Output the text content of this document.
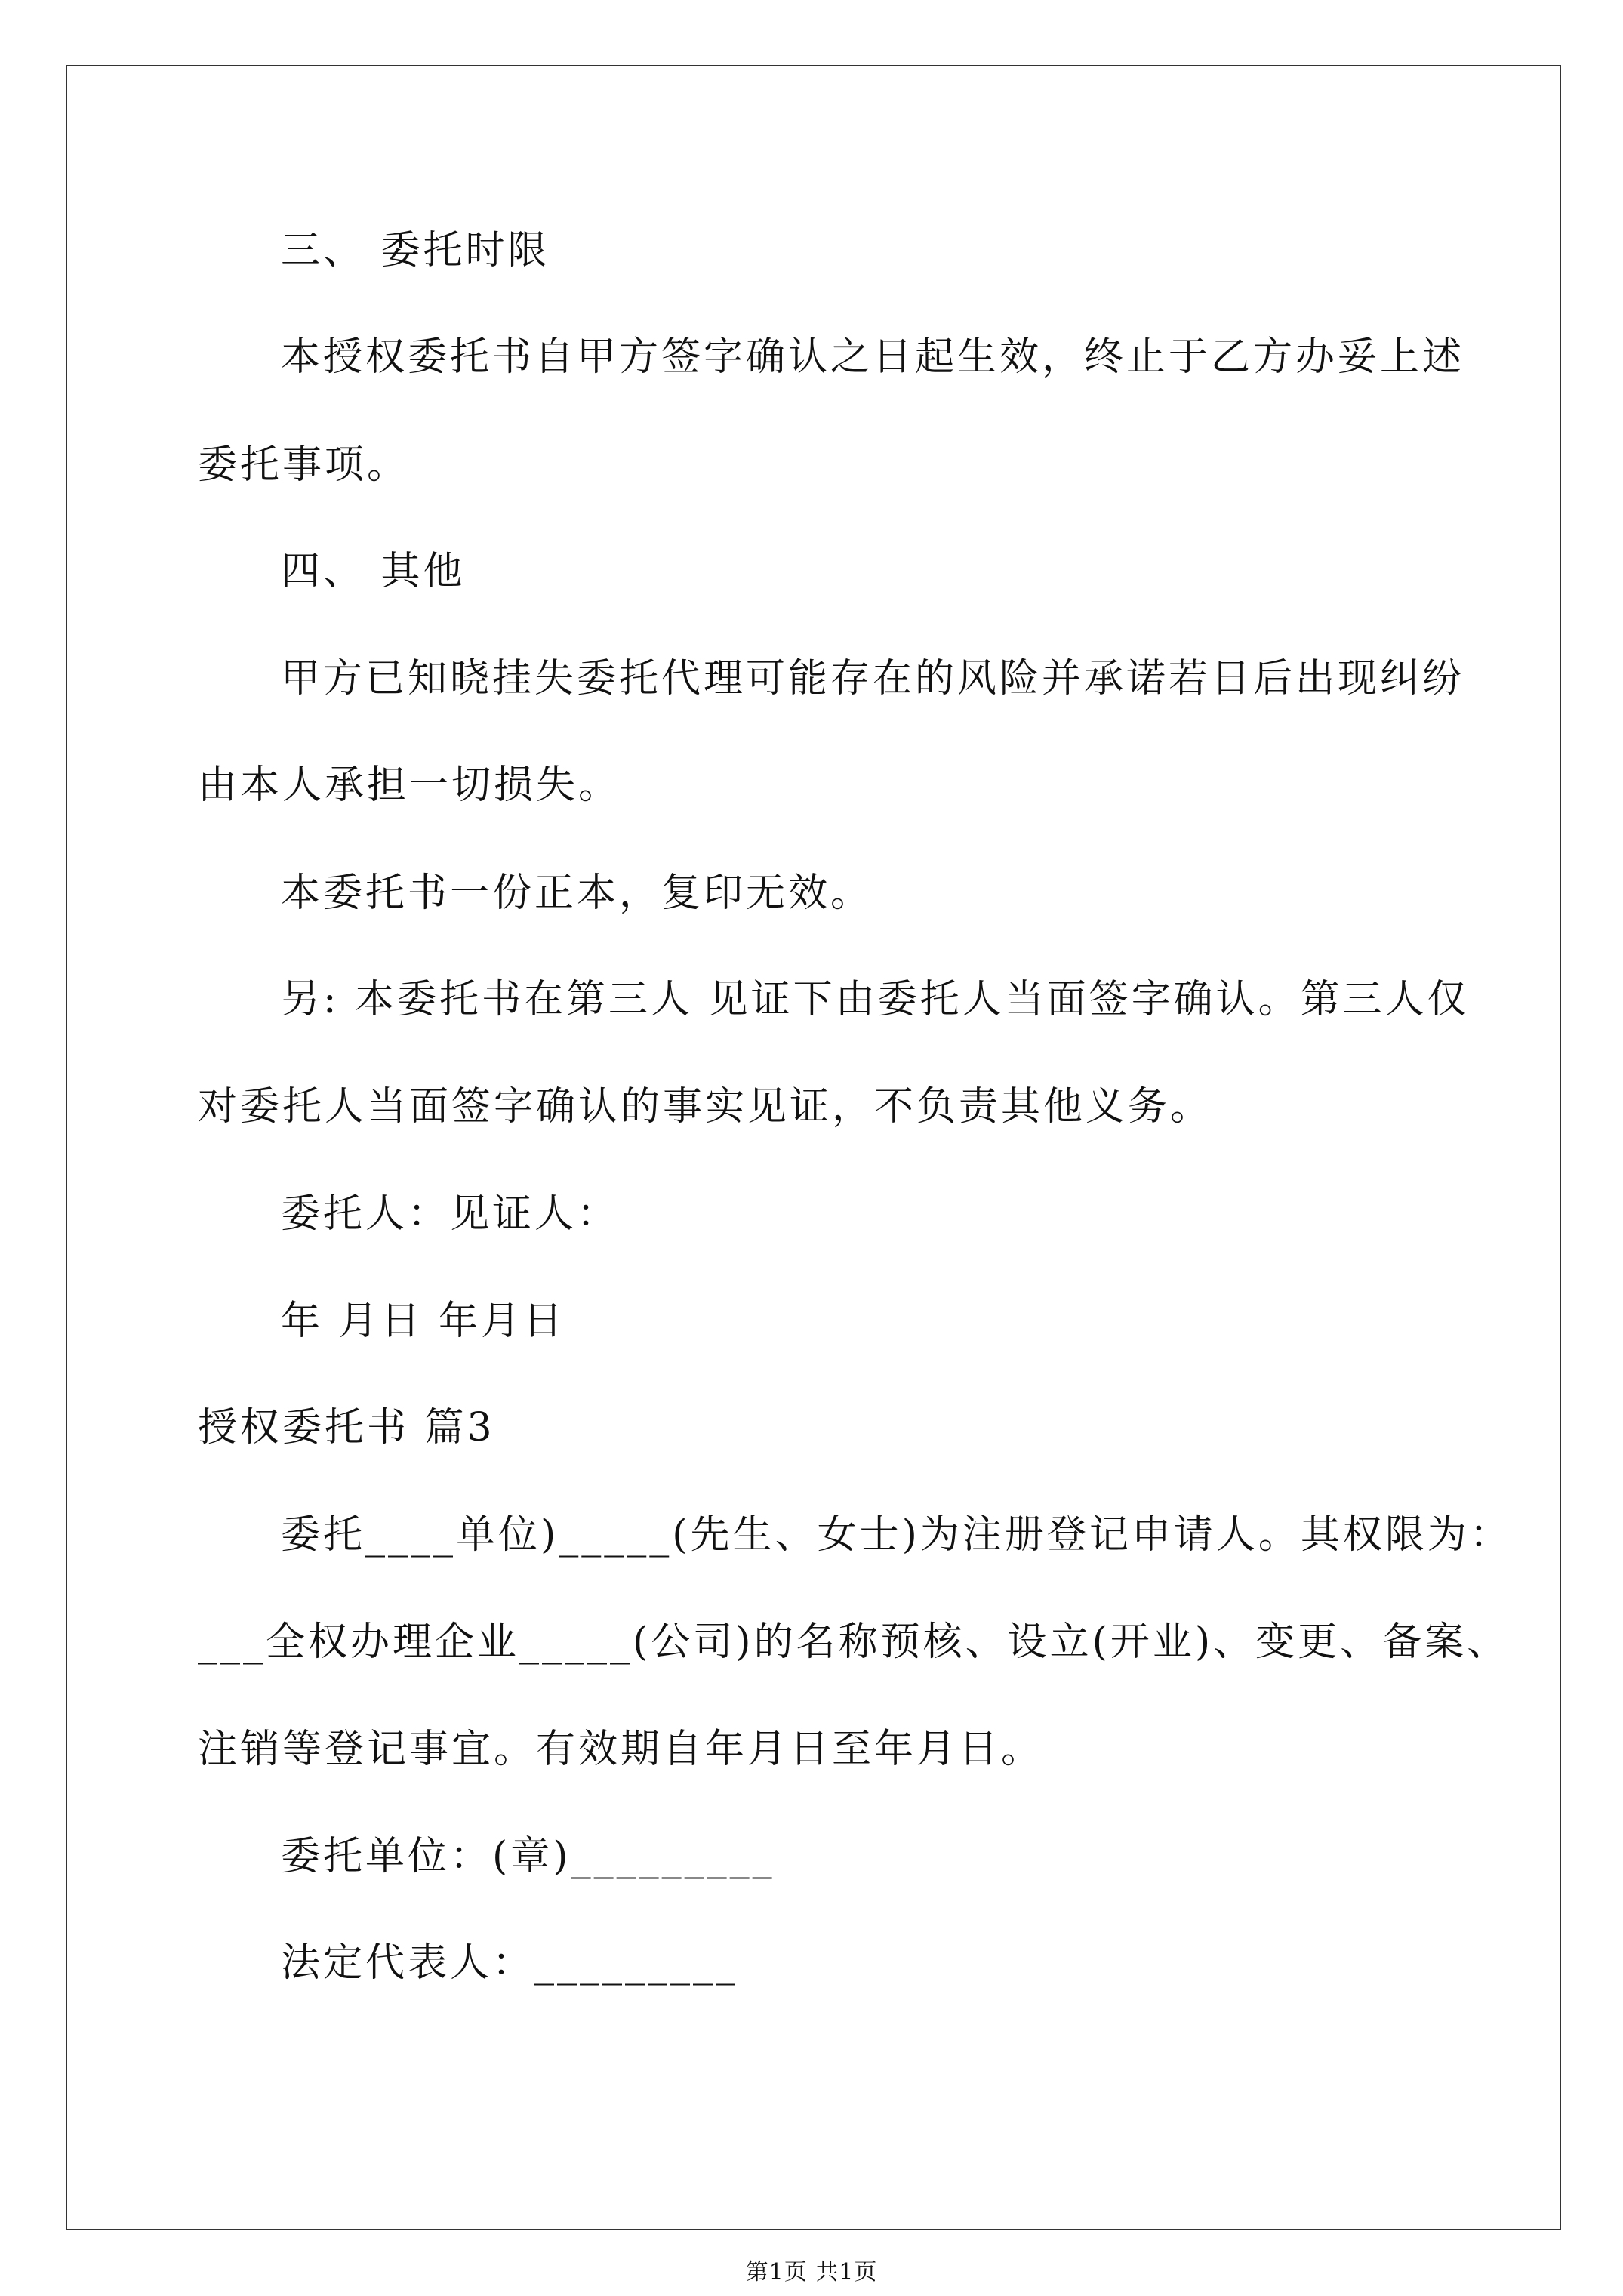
三、 委托时限
本授权委托书自甲方签字确认之日起生效，终止于乙方办妥上述
委托事项。
四、 其他
甲方已知晓挂失委托代理可能存在的风险并承诺若日后出现纠纷
由本人承担一切损失。
本委托书一份正本，复印无效。
另: 本委托书在第三人 见证下由委托人当面签字确认。第三人仅
对委托人当面签字确认的事实见证，不负责其他义务。
委托人：见证人：
年 月日 年月日
授权委托书 篇3
委托____单位)_____(先生、女士)为注册登记申请人。其权限为：
___全权办理企业_____(公司)的名称预核、设立(开业)、变更、备案、
注销等登记事宜。有效期自年月日至年月日。
委托单位：(章)_________
法定代表人：_________
第1页 共1页
